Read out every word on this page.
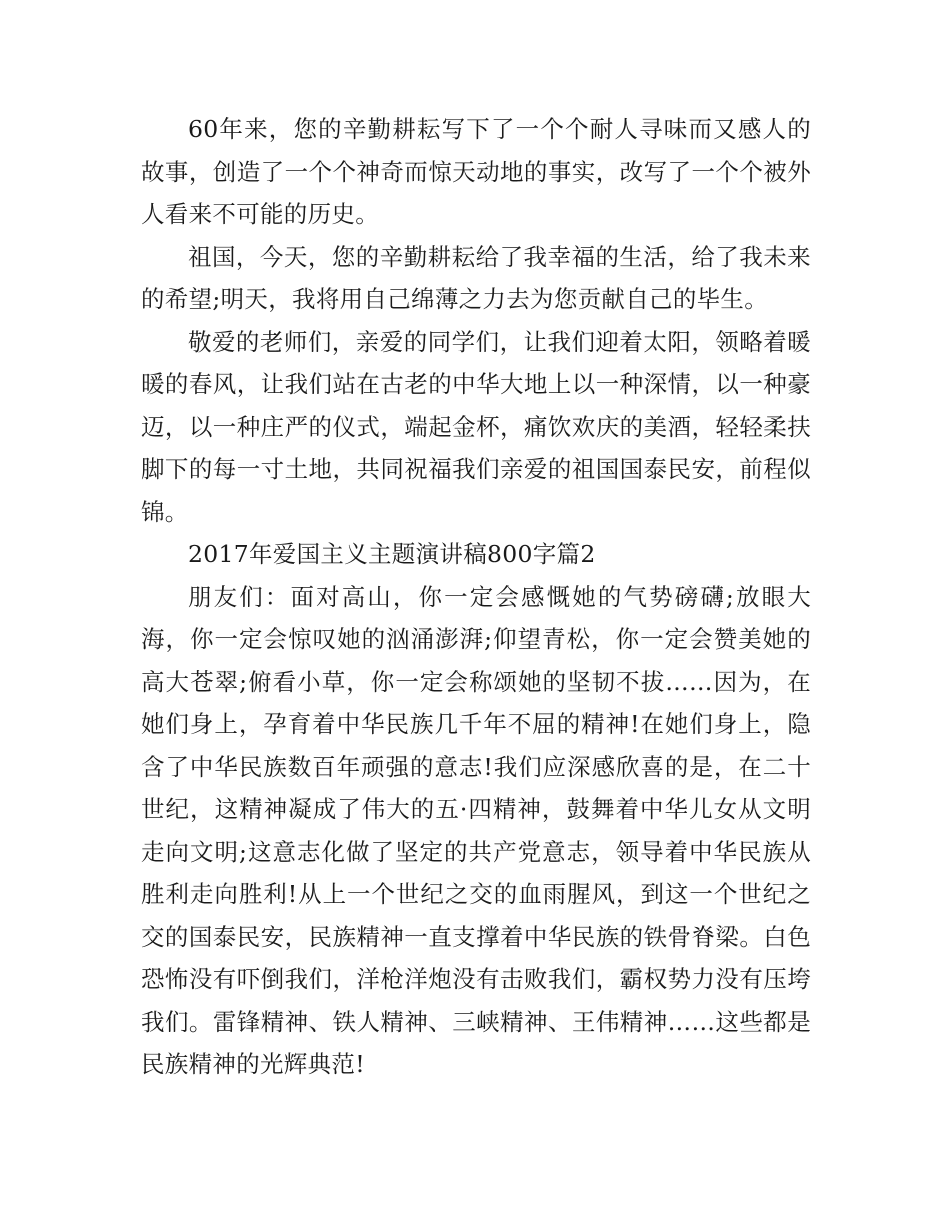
60年来，您的辛勤耕耘写下了一个个耐人寻味而又感人的故事，创造了一个个神奇而惊天动地的事实，改写了一个个被外人看来不可能的历史。

祖国，今天，您的辛勤耕耘给了我幸福的生活，给了我未来的希望;明天，我将用自己绵薄之力去为您贡献自己的毕生。

敬爱的老师们，亲爱的同学们，让我们迎着太阳，领略着暖暖的春风，让我们站在古老的中华大地上以一种深情，以一种豪迈，以一种庄严的仪式，端起金杯，痛饮欢庆的美酒，轻轻柔扶脚下的每一寸土地，共同祝福我们亲爱的祖国国泰民安，前程似锦。

2017年爱国主义主题演讲稿800字篇2

朋友们：面对高山，你一定会感慨她的气势磅礴;放眼大海，你一定会惊叹她的汹涌澎湃;仰望青松，你一定会赞美她的高大苍翠;俯看小草，你一定会称颂她的坚韧不拔……因为，在她们身上，孕育着中华民族几千年不屈的精神!在她们身上，隐含了中华民族数百年顽强的意志!我们应深感欣喜的是，在二十世纪，这精神凝成了伟大的五·四精神，鼓舞着中华儿女从文明走向文明;这意志化做了坚定的共产党意志，领导着中华民族从胜利走向胜利!从上一个世纪之交的血雨腥风，到这一个世纪之交的国泰民安，民族精神一直支撑着中华民族的铁骨脊梁。白色恐怖没有吓倒我们，洋枪洋炮没有击败我们，霸权势力没有压垮我们。雷锋精神、铁人精神、三峡精神、王伟精神……这些都是民族精神的光辉典范!
